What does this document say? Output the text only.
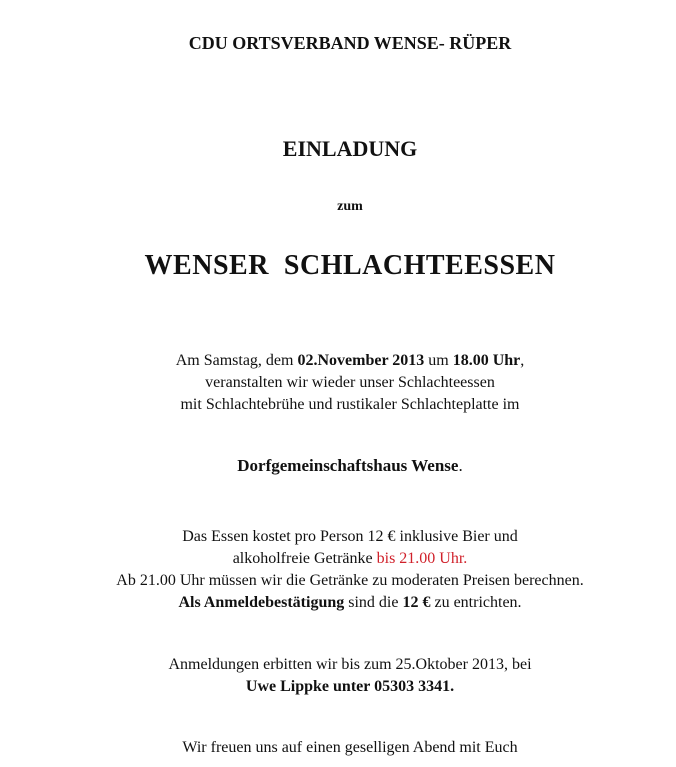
CDU ORTSVERBAND WENSE- RÜPER
EINLADUNG
zum
WENSER  SCHLACHTEESSEN
Am Samstag, dem 02.November 2013 um 18.00 Uhr,
veranstalten wir wieder unser Schlachteessen
mit Schlachtebrühe und rustikaler Schlachteplatte im
Dorfgemeinschaftshaus Wense.
Das Essen kostet pro Person 12 € inklusive Bier und
alkoholfreie Getränke bis 21.00 Uhr.
Ab 21.00 Uhr müssen wir die Getränke zu moderaten Preisen berechnen.
Als Anmeldebestätigung sind die 12 € zu entrichten.
Anmeldungen erbitten wir bis zum 25.Oktober 2013, bei
Uwe Lippke unter 05303 3341.
Wir freuen uns auf einen geselligen Abend mit Euch
